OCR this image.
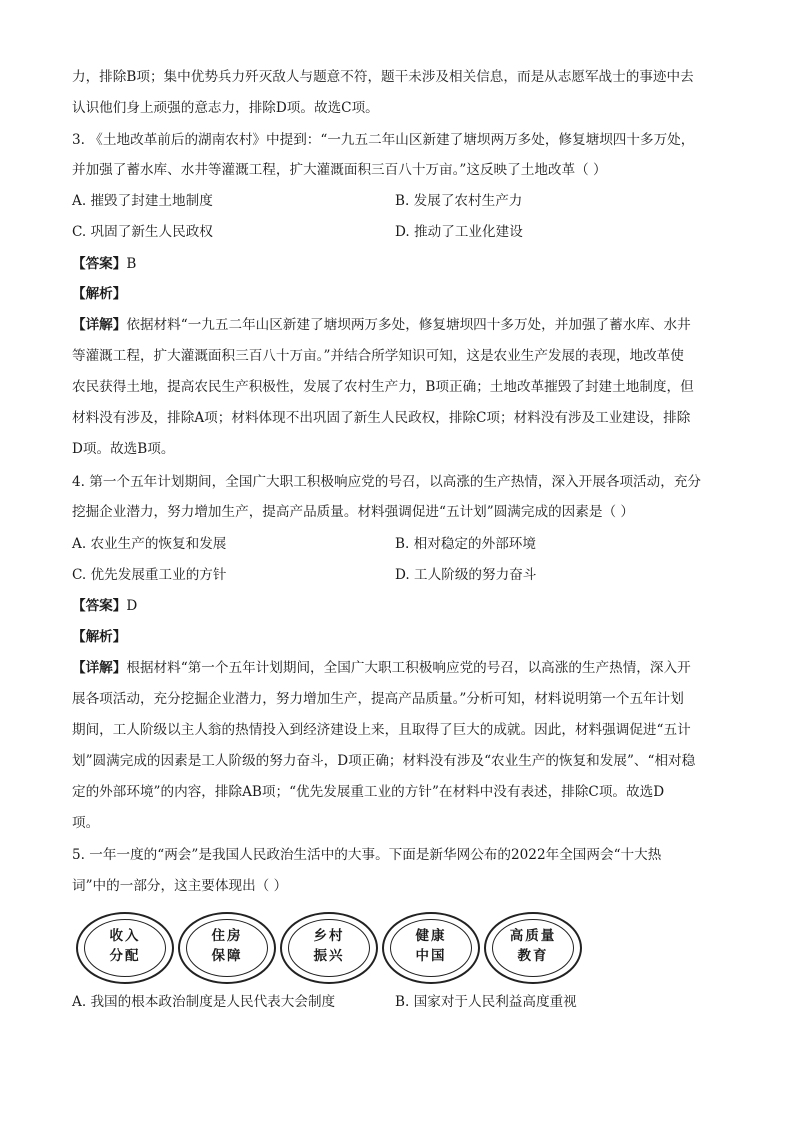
力，排除B项；集中优势兵力歼灭敌人与题意不符，题干未涉及相关信息，而是从志愿军战士的事迹中去
认识他们身上顽强的意志力，排除D项。故选C项。
3. 《土地改革前后的湖南农村》中提到：“一九五二年山区新建了塘坝两万多处，修复塘坝四十多万处，
并加强了蓄水库、水井等灌溉工程，扩大灌溉面积三百八十万亩。”这反映了土地改革（ ）
A. 摧毁了封建土地制度	B. 发展了农村生产力
C. 巩固了新生人民政权	D. 推动了工业化建设
【答案】B
【解析】
【详解】依据材料“一九五二年山区新建了塘坝两万多处，修复塘坝四十多万处，并加强了蓄水库、水井
等灌溉工程，扩大灌溉面积三百八十万亩。”并结合所学知识可知，这是农业生产发展的表现，地改革使
农民获得土地，提高农民生产积极性，发展了农村生产力，B项正确；土地改革摧毁了封建土地制度，但
材料没有涉及，排除A项；材料体现不出巩固了新生人民政权，排除C项；材料没有涉及工业建设，排除
D项。故选B项。
4. 第一个五年计划期间，全国广大职工积极响应党的号召，以高涨的生产热情，深入开展各项活动，充分
挖掘企业潜力，努力增加生产，提高产品质量。材料强调促进“五计划”圆满完成的因素是（ ）
A. 农业生产的恢复和发展	B. 相对稳定的外部环境
C. 优先发展重工业的方针	D. 工人阶级的努力奋斗
【答案】D
【解析】
【详解】根据材料“第一个五年计划期间，全国广大职工积极响应党的号召，以高涨的生产热情，深入开
展各项活动，充分挖掘企业潜力，努力增加生产，提高产品质量。”分析可知，材料说明第一个五年计划
期间，工人阶级以主人翁的热情投入到经济建设上来，且取得了巨大的成就。因此，材料强调促进“五计
划”圆满完成的因素是工人阶级的努力奋斗，D项正确；材料没有涉及“农业生产的恢复和发展”、“相对稳
定的外部环境”的内容，排除AB项；“优先发展重工业的方针”在材料中没有表述，排除C项。故选D
项。
5. 一年一度的“两会”是我国人民政治生活中的大事。下面是新华网公布的2022年全国两会“十大热
词”中的一部分，这主要体现出（ ）
收入
分配
住房
保障
乡村
振兴
健康
中国
高质量
教育
A. 我国的根本政治制度是人民代表大会制度	B. 国家对于人民利益高度重视
